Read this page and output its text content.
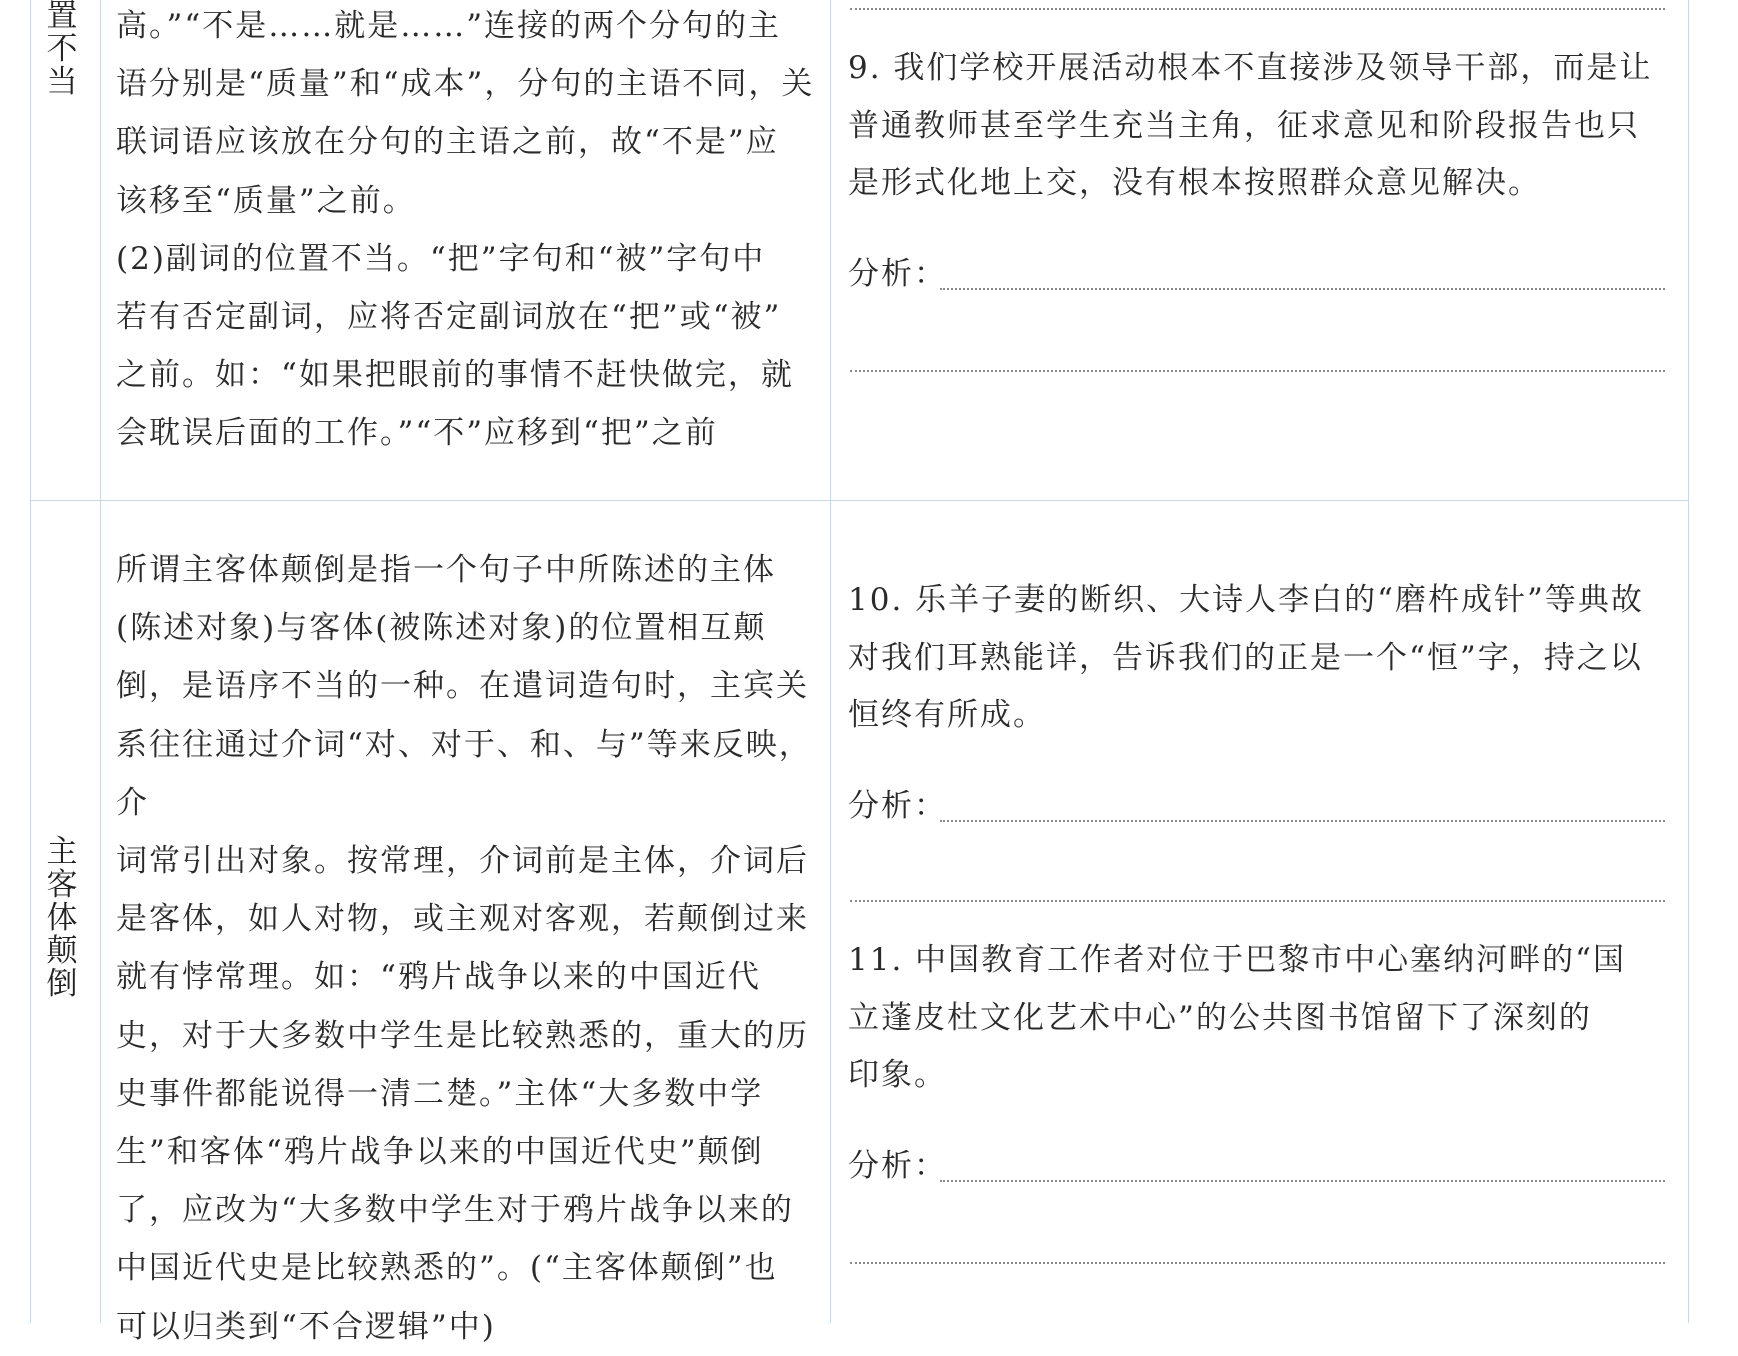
置
不
当

高。”“不是……就是……”连接的两个分句的主

语分别是“质量”和“成本”，分句的主语不同，关

联词语应该放在分句的主语之前，故“不是”应

该移至“质量”之前。

(2)副词的位置不当。“把”字句和“被”字句中

若有否定副词，应将否定副词放在“把”或“被”

之前。如：“如果把眼前的事情不赶快做完，就

会耽误后面的工作。”“不”应移到“把”之前

9. 我们学校开展活动根本不直接涉及领导干部，而是让
普通教师甚至学生充当主角，征求意见和阶段报告也只
是形式化地上交，没有根本按照群众意见解决。
分析：
主
客
体
颠
倒

所谓主客体颠倒是指一个句子中所陈述的主体

(陈述对象)与客体(被陈述对象)的位置相互颠

倒，是语序不当的一种。在遣词造句时，主宾关

系往往通过介词“对、对于、和、与”等来反映，介

词常引出对象。按常理，介词前是主体，介词后

是客体，如人对物，或主观对客观，若颠倒过来

就有悖常理。如：“鸦片战争以来的中国近代

史，对于大多数中学生是比较熟悉的，重大的历

史事件都能说得一清二楚。”主体“大多数中学

生”和客体“鸦片战争以来的中国近代史”颠倒

了，应改为“大多数中学生对于鸦片战争以来的

中国近代史是比较熟悉的”。(“主客体颠倒”也

可以归类到“不合逻辑”中)

10. 乐羊子妻的断织、大诗人李白的“磨杵成针”等典故
对我们耳熟能详，告诉我们的正是一个“恒”字，持之以
恒终有所成。
分析：
11. 中国教育工作者对位于巴黎市中心塞纳河畔的“国
立蓬皮杜文化艺术中心”的公共图书馆留下了深刻的
印象。
分析：
